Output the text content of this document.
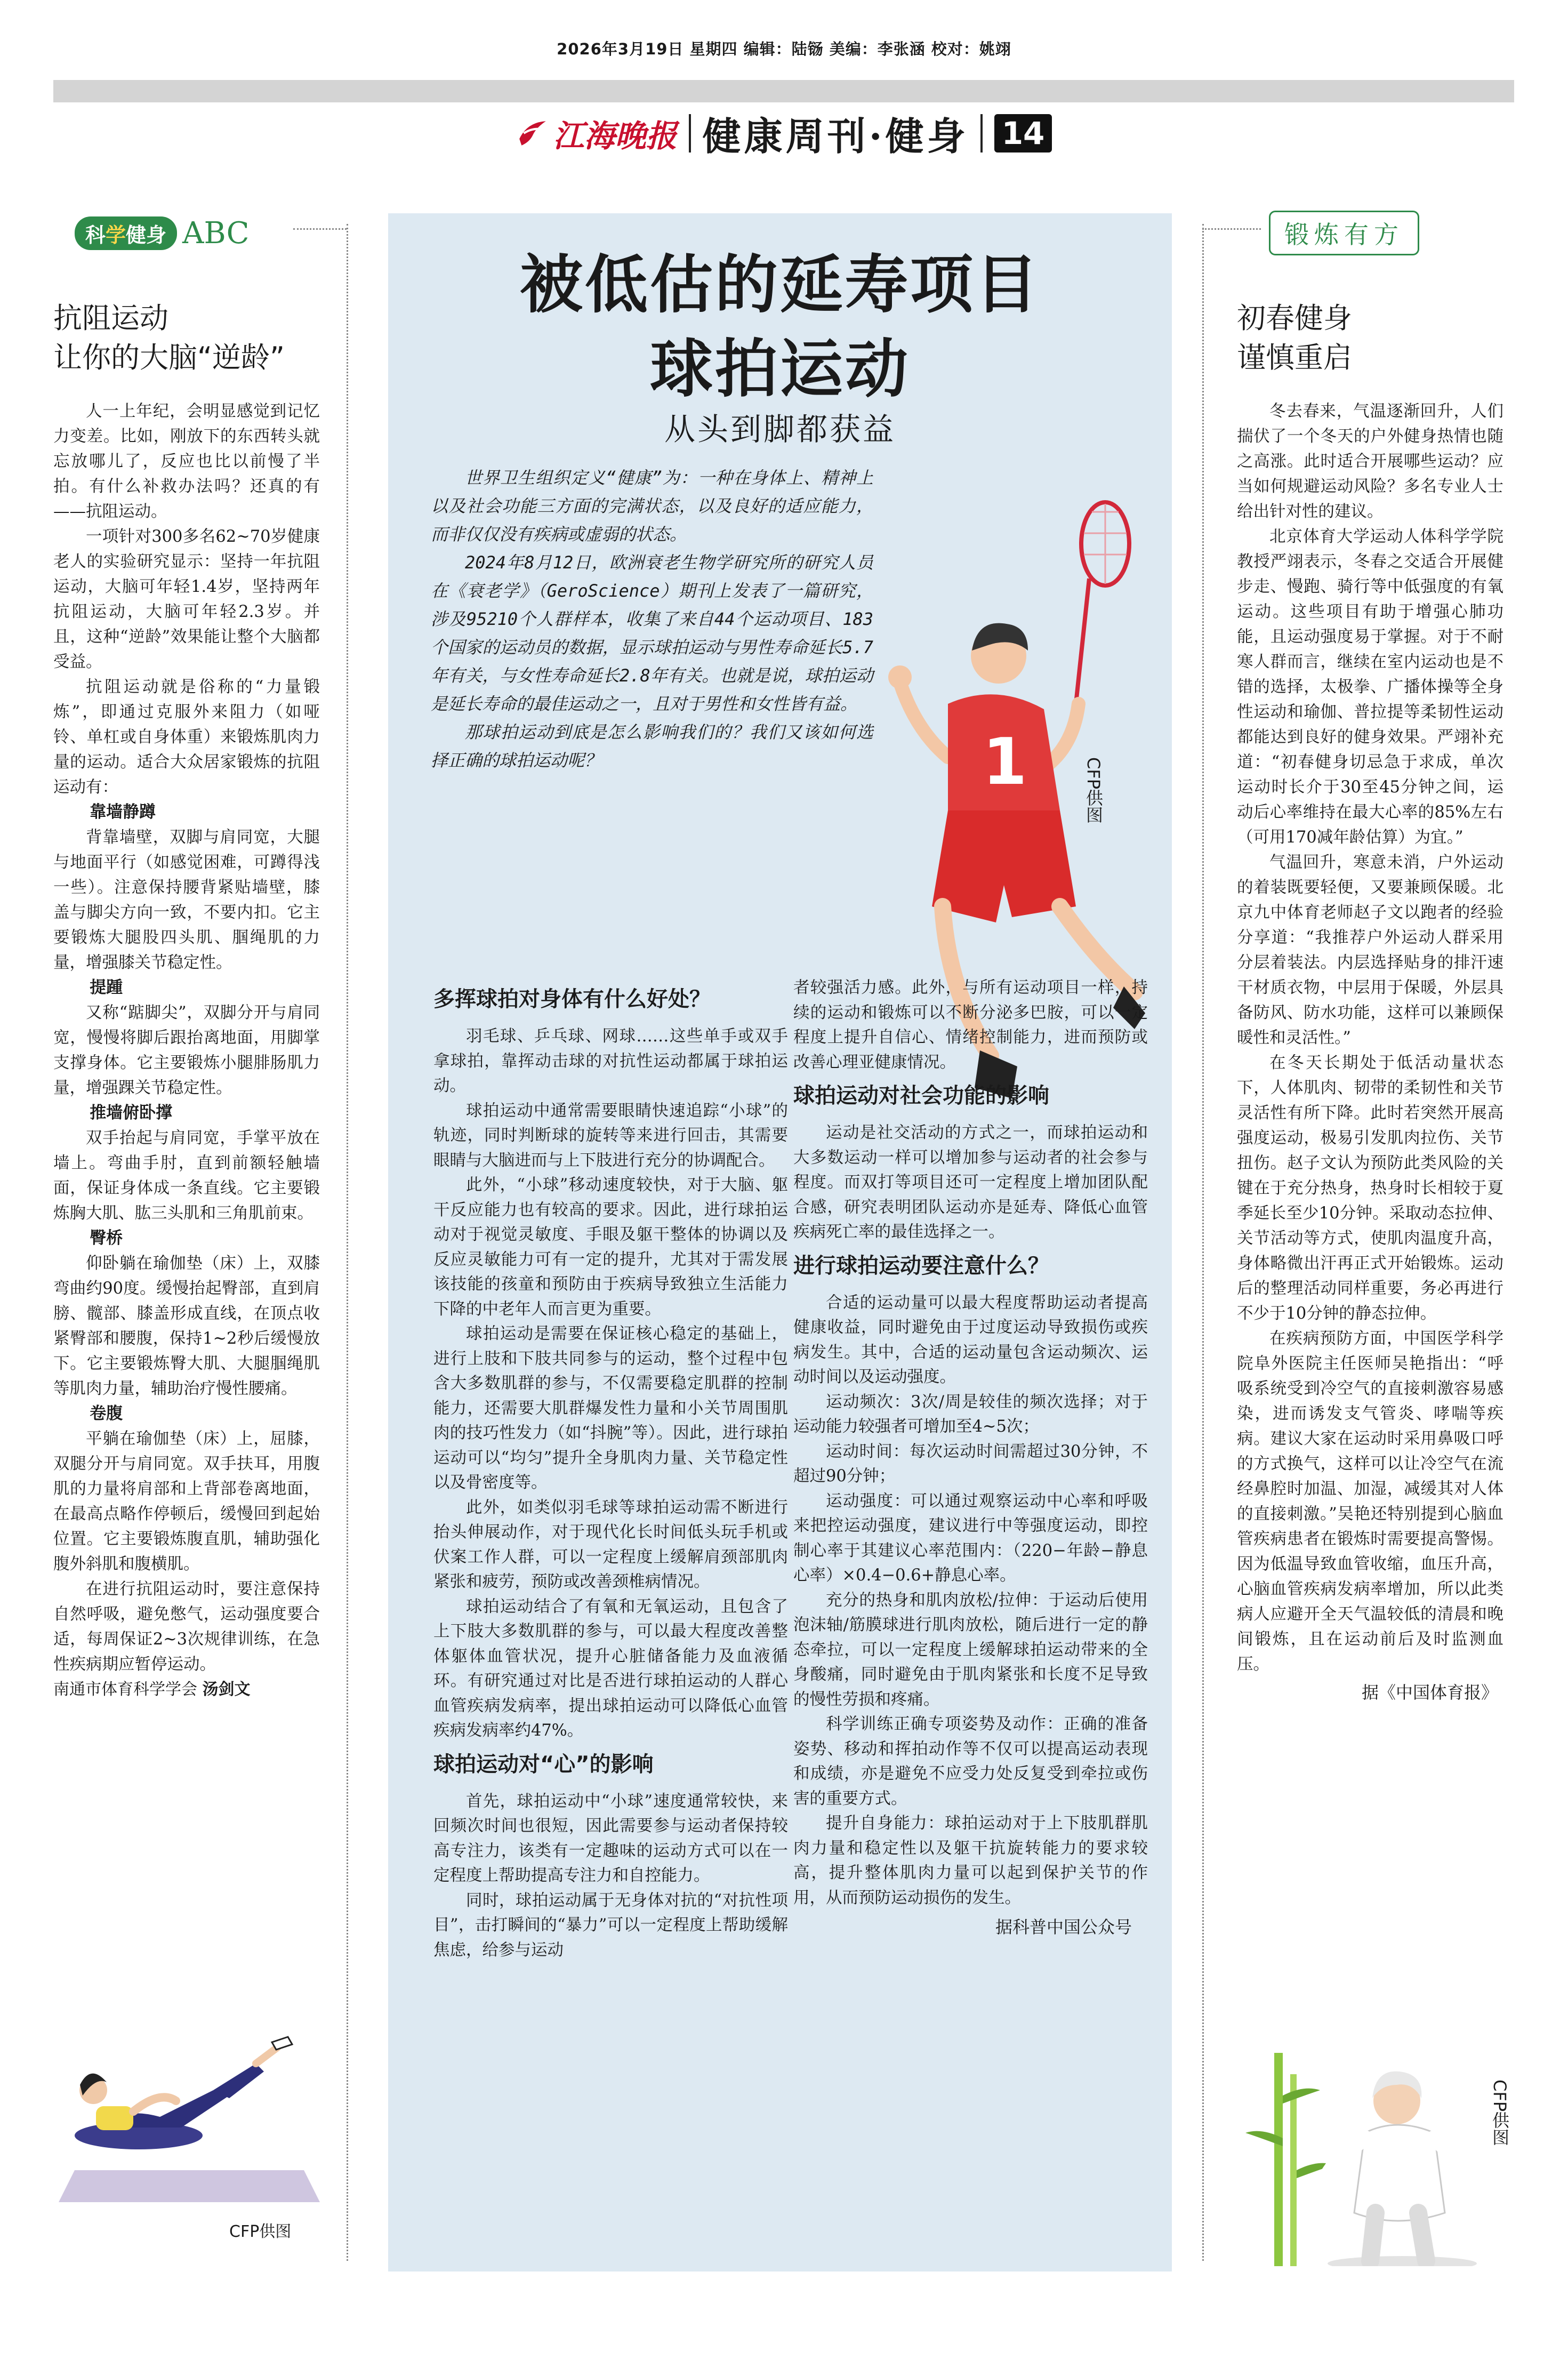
2026年3月19日 星期四 编辑：陆铴 美编：李张涵 校对：姚翊
江海晚报 健康周刊·健身 14
科学健身 ABC
抗阻运动
让你的大脑“逆龄”

人一上年纪，会明显感觉到记忆力变差。比如，刚放下的东西转头就忘放哪儿了，反应也比以前慢了半拍。有什么补救办法吗？还真的有——抗阻运动。

一项针对300多名62~70岁健康老人的实验研究显示：坚持一年抗阻运动，大脑可年轻1.4岁，坚持两年抗阻运动，大脑可年轻2.3岁。并且，这种“逆龄”效果能让整个大脑都受益。

抗阻运动就是俗称的“力量锻炼”，即通过克服外来阻力（如哑铃、单杠或自身体重）来锻炼肌肉力量的运动。适合大众居家锻炼的抗阻运动有：

靠墙静蹲

背靠墙壁，双脚与肩同宽，大腿与地面平行（如感觉困难，可蹲得浅一些）。注意保持腰背紧贴墙壁，膝盖与脚尖方向一致，不要内扣。它主要锻炼大腿股四头肌、腘绳肌的力量，增强膝关节稳定性。

提踵

又称“踮脚尖”，双脚分开与肩同宽，慢慢将脚后跟抬离地面，用脚掌支撑身体。它主要锻炼小腿腓肠肌力量，增强踝关节稳定性。

推墙俯卧撑

双手抬起与肩同宽，手掌平放在墙上。弯曲手肘，直到前额轻触墙面，保证身体成一条直线。它主要锻炼胸大肌、肱三头肌和三角肌前束。

臀桥

仰卧躺在瑜伽垫（床）上，双膝弯曲约90度。缓慢抬起臀部，直到肩膀、髋部、膝盖形成直线，在顶点收紧臀部和腰腹，保持1~2秒后缓慢放下。它主要锻炼臀大肌、大腿腘绳肌等肌肉力量，辅助治疗慢性腰痛。

卷腹

平躺在瑜伽垫（床）上，屈膝，双腿分开与肩同宽。双手扶耳，用腹肌的力量将肩部和上背部卷离地面，在最高点略作停顿后，缓慢回到起始位置。它主要锻炼腹直肌，辅助强化腹外斜肌和腹横肌。

在进行抗阻运动时，要注意保持自然呼吸，避免憋气，运动强度要合适，每周保证2~3次规律训练，在急性疾病期应暂停运动。

南通市体育科学学会 汤剑文
CFP供图
被低估的延寿项目
球拍运动
从头到脚都获益

世界卫生组织定义“健康”为：一种在身体上、精神上以及社会功能三方面的完满状态，以及良好的适应能力，而非仅仅没有疾病或虚弱的状态。

2024年8月12日，欧洲衰老生物学研究所的研究人员在《衰老学》（GeroScience）期刊上发表了一篇研究，涉及95210个人群样本，收集了来自44个运动项目、183个国家的运动员的数据，显示球拍运动与男性寿命延长5.7年有关，与女性寿命延长2.8年有关。也就是说，球拍运动是延长寿命的最佳运动之一，且对于男性和女性皆有益。

那球拍运动到底是怎么影响我们的？我们又该如何选择正确的球拍运动呢？	1	CFP供图
多挥球拍对身体有什么好处？

羽毛球、乒乓球、网球……这些单手或双手拿球拍，靠挥动击球的对抗性运动都属于球拍运动。

球拍运动中通常需要眼睛快速追踪“小球”的轨迹，同时判断球的旋转等来进行回击，其需要眼睛与大脑进而与上下肢进行充分的协调配合。

此外，“小球”移动速度较快，对于大脑、躯干反应能力也有较高的要求。因此，进行球拍运动对于视觉灵敏度、手眼及躯干整体的协调以及反应灵敏能力可有一定的提升，尤其对于需发展该技能的孩童和预防由于疾病导致独立生活能力下降的中老年人而言更为重要。

球拍运动是需要在保证核心稳定的基础上，进行上肢和下肢共同参与的运动，整个过程中包含大多数肌群的参与，不仅需要稳定肌群的控制能力，还需要大肌群爆发性力量和小关节周围肌肉的技巧性发力（如“抖腕”等）。因此，进行球拍运动可以“均匀”提升全身肌肉力量、关节稳定性以及骨密度等。

此外，如类似羽毛球等球拍运动需不断进行抬头伸展动作，对于现代化长时间低头玩手机或伏案工作人群，可以一定程度上缓解肩颈部肌肉紧张和疲劳，预防或改善颈椎病情况。

球拍运动结合了有氧和无氧运动，且包含了上下肢大多数肌群的参与，可以最大程度改善整体躯体血管状况，提升心脏储备能力及血液循环。有研究通过对比是否进行球拍运动的人群心血管疾病发病率，提出球拍运动可以降低心血管疾病发病率约47%。

球拍运动对“心”的影响

首先，球拍运动中“小球”速度通常较快，来回频次时间也很短，因此需要参与运动者保持较高专注力，该类有一定趣味的运动方式可以在一定程度上帮助提高专注力和自控能力。

同时，球拍运动属于无身体对抗的“对抗性项目”，击打瞬间的“暴力”可以一定程度上帮助缓解焦虑，给参与运动

者较强活力感。此外，与所有运动项目一样，持续的运动和锻炼可以不断分泌多巴胺，可以一定程度上提升自信心、情绪控制能力，进而预防或改善心理亚健康情况。

球拍运动对社会功能的影响

运动是社交活动的方式之一，而球拍运动和大多数运动一样可以增加参与运动者的社会参与程度。而双打等项目还可一定程度上增加团队配合感，研究表明团队运动亦是延寿、降低心血管疾病死亡率的最佳选择之一。

进行球拍运动要注意什么？

合适的运动量可以最大程度帮助运动者提高健康收益，同时避免由于过度运动导致损伤或疾病发生。其中，合适的运动量包含运动频次、运动时间以及运动强度。

运动频次：3次/周是较佳的频次选择；对于运动能力较强者可增加至4~5次；

运动时间：每次运动时间需超过30分钟，不超过90分钟；

运动强度：可以通过观察运动中心率和呼吸来把控运动强度，建议进行中等强度运动，即控制心率于其建议心率范围内：（220−年龄−静息心率）×0.4−0.6+静息心率。

充分的热身和肌肉放松/拉伸：于运动后使用泡沫轴/筋膜球进行肌肉放松，随后进行一定的静态牵拉，可以一定程度上缓解球拍运动带来的全身酸痛，同时避免由于肌肉紧张和长度不足导致的慢性劳损和疼痛。

科学训练正确专项姿势及动作：正确的准备姿势、移动和挥拍动作等不仅可以提高运动表现和成绩，亦是避免不应受力处反复受到牵拉或伤害的重要方式。

提升自身能力：球拍运动对于上下肢肌群肌肉力量和稳定性以及躯干抗旋转能力的要求较高，提升整体肌肉力量可以起到保护关节的作用，从而预防运动损伤的发生。

据科普中国公众号
锻炼有方
初春健身
谨慎重启

冬去春来，气温逐渐回升，人们揣伏了一个冬天的户外健身热情也随之高涨。此时适合开展哪些运动？应当如何规避运动风险？多名专业人士给出针对性的建议。

北京体育大学运动人体科学学院教授严翊表示，冬春之交适合开展健步走、慢跑、骑行等中低强度的有氧运动。这些项目有助于增强心肺功能，且运动强度易于掌握。对于不耐寒人群而言，继续在室内运动也是不错的选择，太极拳、广播体操等全身性运动和瑜伽、普拉提等柔韧性运动都能达到良好的健身效果。严翊补充道：“初春健身切忌急于求成，单次运动时长介于30至45分钟之间，运动后心率维持在最大心率的85%左右（可用170减年龄估算）为宜。”

气温回升，寒意未消，户外运动的着装既要轻便，又要兼顾保暖。北京九中体育老师赵子文以跑者的经验分享道：“我推荐户外运动人群采用分层着装法。内层选择贴身的排汗速干材质衣物，中层用于保暖，外层具备防风、防水功能，这样可以兼顾保暖性和灵活性。”

在冬天长期处于低活动量状态下，人体肌肉、韧带的柔韧性和关节灵活性有所下降。此时若突然开展高强度运动，极易引发肌肉拉伤、关节扭伤。赵子文认为预防此类风险的关键在于充分热身，热身时长相较于夏季延长至少10分钟。采取动态拉伸、关节活动等方式，使肌肉温度升高，身体略微出汗再正式开始锻炼。运动后的整理活动同样重要，务必再进行不少于10分钟的静态拉伸。

在疾病预防方面，中国医学科学院阜外医院主任医师吴艳指出：“呼吸系统受到冷空气的直接刺激容易感染，进而诱发支气管炎、哮喘等疾病。建议大家在运动时采用鼻吸口呼的方式换气，这样可以让冷空气在流经鼻腔时加温、加湿，减缓其对人体的直接刺激。”吴艳还特别提到心脑血管疾病患者在锻炼时需要提高警惕。因为低温导致血管收缩，血压升高，心脑血管疾病发病率增加，所以此类病人应避开全天气温较低的清晨和晚间锻炼，且在运动前后及时监测血压。

据《中国体育报》
CFP供图
